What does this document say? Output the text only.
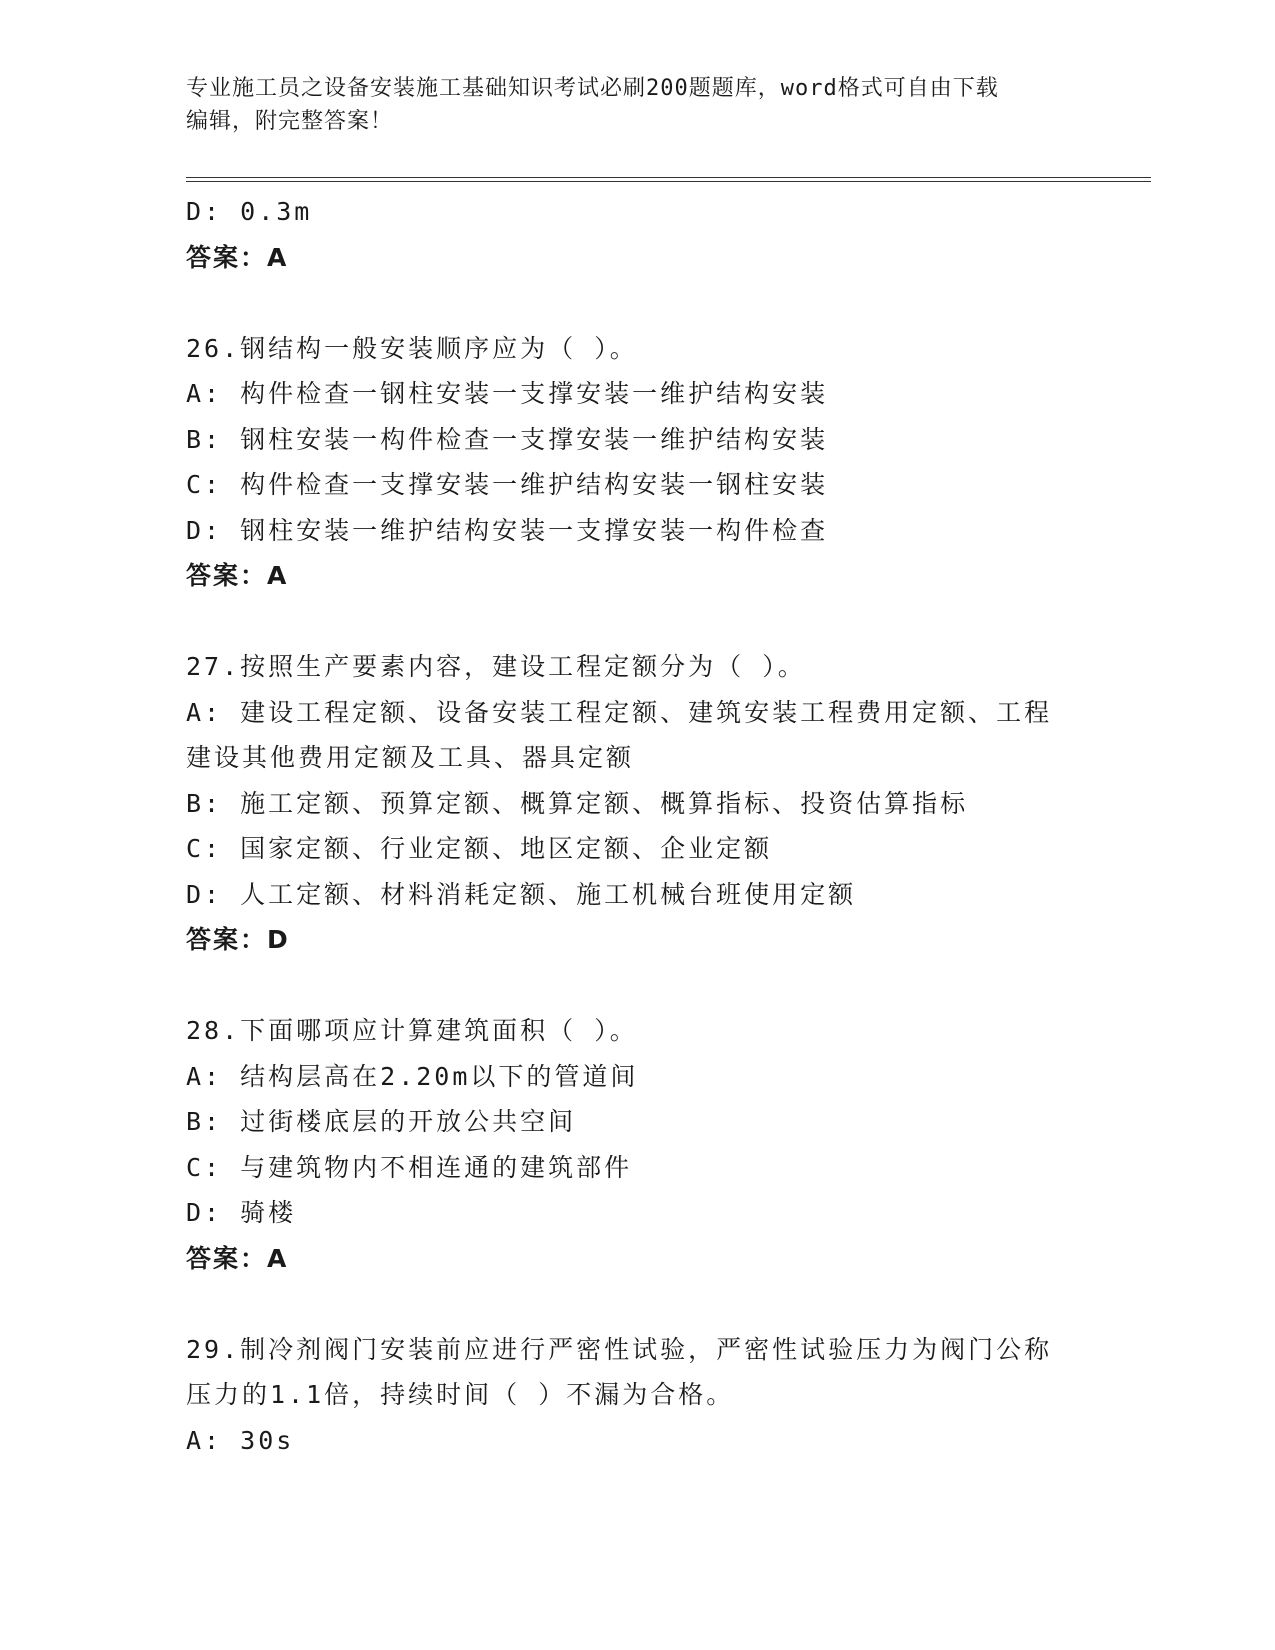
专业施工员之设备安装施工基础知识考试必刷200题题库，word格式可自由下载
编辑，附完整答案！
D: 0.3m
答案：A
26.钢结构一般安装顺序应为（ ）。
A: 构件检查一钢柱安装一支撑安装一维护结构安装
B: 钢柱安装一构件检查一支撑安装一维护结构安装
C: 构件检查一支撑安装一维护结构安装一钢柱安装
D: 钢柱安装一维护结构安装一支撑安装一构件检查
答案：A
27.按照生产要素内容，建设工程定额分为（ ）。
A: 建设工程定额、设备安装工程定额、建筑安装工程费用定额、工程
建设其他费用定额及工具、器具定额
B: 施工定额、预算定额、概算定额、概算指标、投资估算指标
C: 国家定额、行业定额、地区定额、企业定额
D: 人工定额、材料消耗定额、施工机械台班使用定额
答案：D
28.下面哪项应计算建筑面积（ ）。
A: 结构层高在2.20m以下的管道间
B: 过街楼底层的开放公共空间
C: 与建筑物内不相连通的建筑部件
D: 骑楼
答案：A
29.制冷剂阀门安装前应进行严密性试验，严密性试验压力为阀门公称
压力的1.1倍，持续时间（ ）不漏为合格。
A: 30s
